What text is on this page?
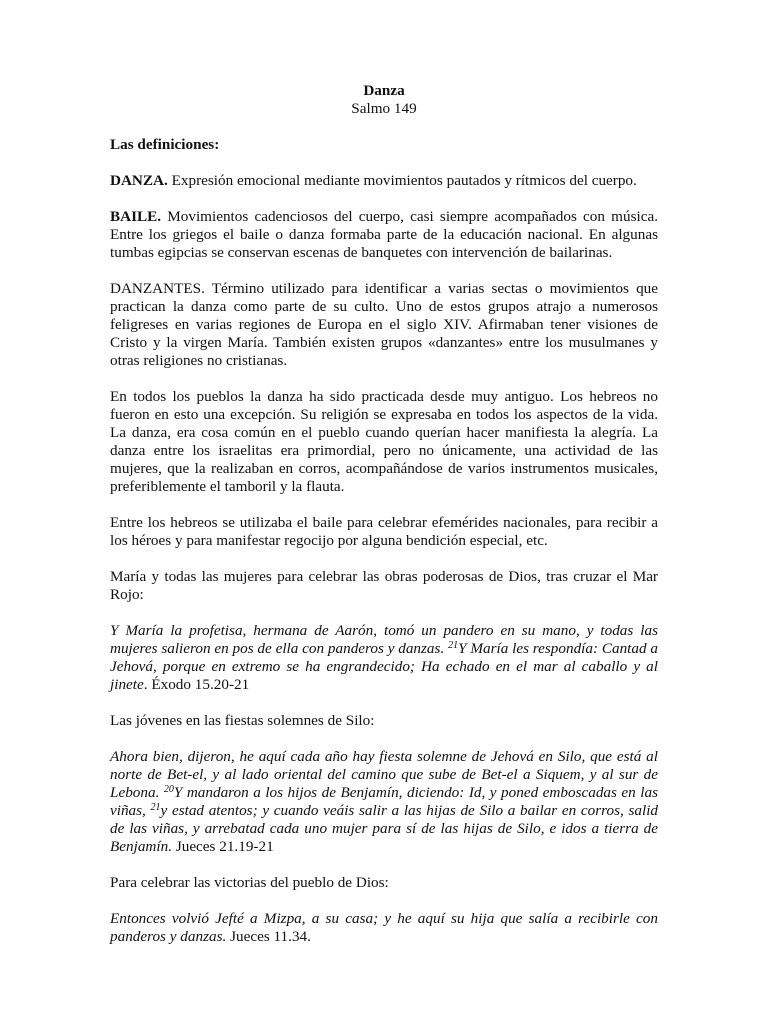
Danza
Salmo 149
Las definiciones:

DANZA. Expresión emocional mediante movimientos pautados y rítmicos del cuerpo.

BAILE. Movimientos cadenciosos del cuerpo, casi siempre acompañados con música. Entre los griegos el baile o danza formaba parte de la educación nacional. En algunas tumbas egipcias se conservan escenas de banquetes con intervención de bailarinas.

DANZANTES. Término utilizado para identificar a varias sectas o movimientos que practican la danza como parte de su culto. Uno de estos grupos atrajo a numerosos feligreses en varias regiones de Europa en el siglo XIV. Afirmaban tener visiones de Cristo y la virgen María. También existen grupos «danzantes» entre los musulmanes y otras religiones no cristianas.

En todos los pueblos la danza ha sido practicada desde muy antiguo. Los hebreos no fueron en esto una excepción. Su religión se expresaba en todos los aspectos de la vida. La danza, era cosa común en el pueblo cuando querían hacer manifiesta la alegría. La danza entre los israelitas era primordial, pero no únicamente, una actividad de las mujeres, que la realizaban en corros, acompañándose de varios instrumentos musicales, preferiblemente el tamboril y la flauta.

Entre los hebreos se utilizaba el baile para celebrar efemérides nacionales, para recibir a los héroes y para manifestar regocijo por alguna bendición especial, etc.

María y todas las mujeres para celebrar las obras poderosas de Dios, tras cruzar el Mar Rojo:

Y María la profetisa, hermana de Aarón, tomó un pandero en su mano, y todas las mujeres salieron en pos de ella con panderos y danzas. $^{21}$Y María les respondía: Cantad a Jehová, porque en extremo se ha engrandecido; Ha echado en el mar al caballo y al jinete. Éxodo 15.20-21

Las jóvenes en las fiestas solemnes de Silo:

Ahora bien, dijeron, he aquí cada año hay fiesta solemne de Jehová en Silo, que está al norte de Bet-el, y al lado oriental del camino que sube de Bet-el a Siquem, y al sur de Lebona. $^{20}$Y mandaron a los hijos de Benjamín, diciendo: Id, y poned emboscadas en las viñas, $^{21}$y estad atentos; y cuando veáis salir a las hijas de Silo a bailar en corros, salid de las viñas, y arrebatad cada uno mujer para sí de las hijas de Silo, e idos a tierra de Benjamín. Jueces 21.19-21

Para celebrar las victorias del pueblo de Dios:

Entonces volvió Jefté a Mizpa, a su casa; y he aquí su hija que salía a recibirle con panderos y danzas. Jueces 11.34.
